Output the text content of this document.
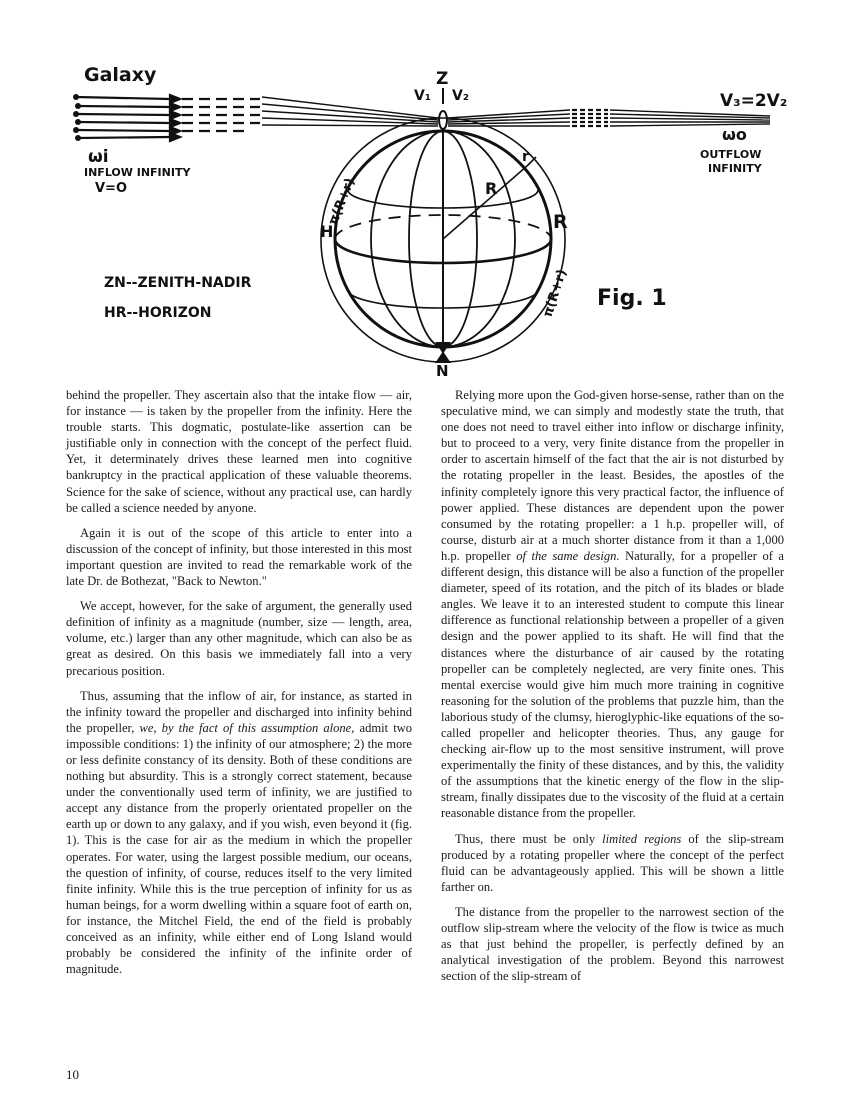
Galaxy	Z
V₁ V₂	V₃=2V₂
ωi
INFLOW INFINITY
V=O
ωo
OUTFLOW
INFINITY
π(R+r)
π(R+r)
r
R
H	R
N
ZN--ZENITH-NADIR
HR--HORIZON
Fig. 1

behind the propeller. They ascertain also that the intake flow — air, for instance — is taken by the propeller from the infinity. Here the trouble starts. This dogmatic, postulate-like assertion can be justifiable only in connection with the concept of the perfect fluid. Yet, it determinately drives these learned men into cognitive bankruptcy in the practical application of these valuable theorems. Science for the sake of science, without any practical use, can hardly be called a science needed by anyone.

Again it is out of the scope of this article to enter into a discussion of the concept of infinity, but those interested in this most important question are invited to read the remarkable work of the late Dr. de Bothezat, "Back to Newton."

We accept, however, for the sake of argument, the generally used definition of infinity as a magnitude (number, size — length, area, volume, etc.) larger than any other magnitude, which can also be as great as desired. On this basis we immediately fall into a very precarious position.

Thus, assuming that the inflow of air, for instance, as started in the infinity toward the propeller and discharged into infinity behind the propeller, we, by the fact of this assumption alone, admit two impossible conditions: 1) the infinity of our atmosphere; 2) the more or less definite constancy of its density. Both of these conditions are nothing but absurdity. This is a strongly correct statement, because under the conventionally used term of infinity, we are justified to accept any distance from the properly orientated propeller on the earth up or down to any galaxy, and if you wish, even beyond it (fig. 1). This is the case for air as the medium in which the propeller operates. For water, using the largest possible medium, our oceans, the question of infinity, of course, reduces itself to the very limited finite infinity. While this is the true perception of infinity for us as human beings, for a worm dwelling within a square foot of earth on, for instance, the Mitchel Field, the end of the field is probably conceived as an infinity, while either end of Long Island would probably be considered the infinity of the infinite order of magnitude.

Relying more upon the God-given horse-sense, rather than on the speculative mind, we can simply and modestly state the truth, that one does not need to travel either into inflow or discharge infinity, but to proceed to a very, very finite distance from the propeller in order to ascertain himself of the fact that the air is not disturbed by the rotating propeller in the least. Besides, the apostles of the infinity completely ignore this very practical factor, the influence of power applied. These distances are dependent upon the power consumed by the rotating propeller: a 1 h.p. propeller will, of course, disturb air at a much shorter distance from it than a 1,000 h.p. propeller of the same design. Naturally, for a propeller of a different design, this distance will be also a function of the propeller diameter, speed of its rotation, and the pitch of its blades or blade angles. We leave it to an interested student to compute this linear difference as functional relationship between a propeller of a given design and the power applied to its shaft. He will find that the distances where the disturbance of air caused by the rotating propeller can be completely neglected, are very finite ones. This mental exercise would give him much more training in cognitive reasoning for the solution of the problems that puzzle him, than the laborious study of the clumsy, hieroglyphic-like equations of the so-called propeller and helicopter theories. Thus, any gauge for checking air-flow up to the most sensitive instrument, will prove experimentally the finity of these distances, and by this, the validity of the assumptions that the kinetic energy of the flow in the slip-stream, finally dissipates due to the viscosity of the fluid at a certain reasonable distance from the propeller.

Thus, there must be only limited regions of the slip-stream produced by a rotating propeller where the concept of the perfect fluid can be advantageously applied. This will be shown a little farther on.

The distance from the propeller to the narrowest section of the outflow slip-stream where the velocity of the flow is twice as much as that just behind the propeller, is perfectly defined by an analytical investigation of the problem. Beyond this narrowest section of the slip-stream of

10
